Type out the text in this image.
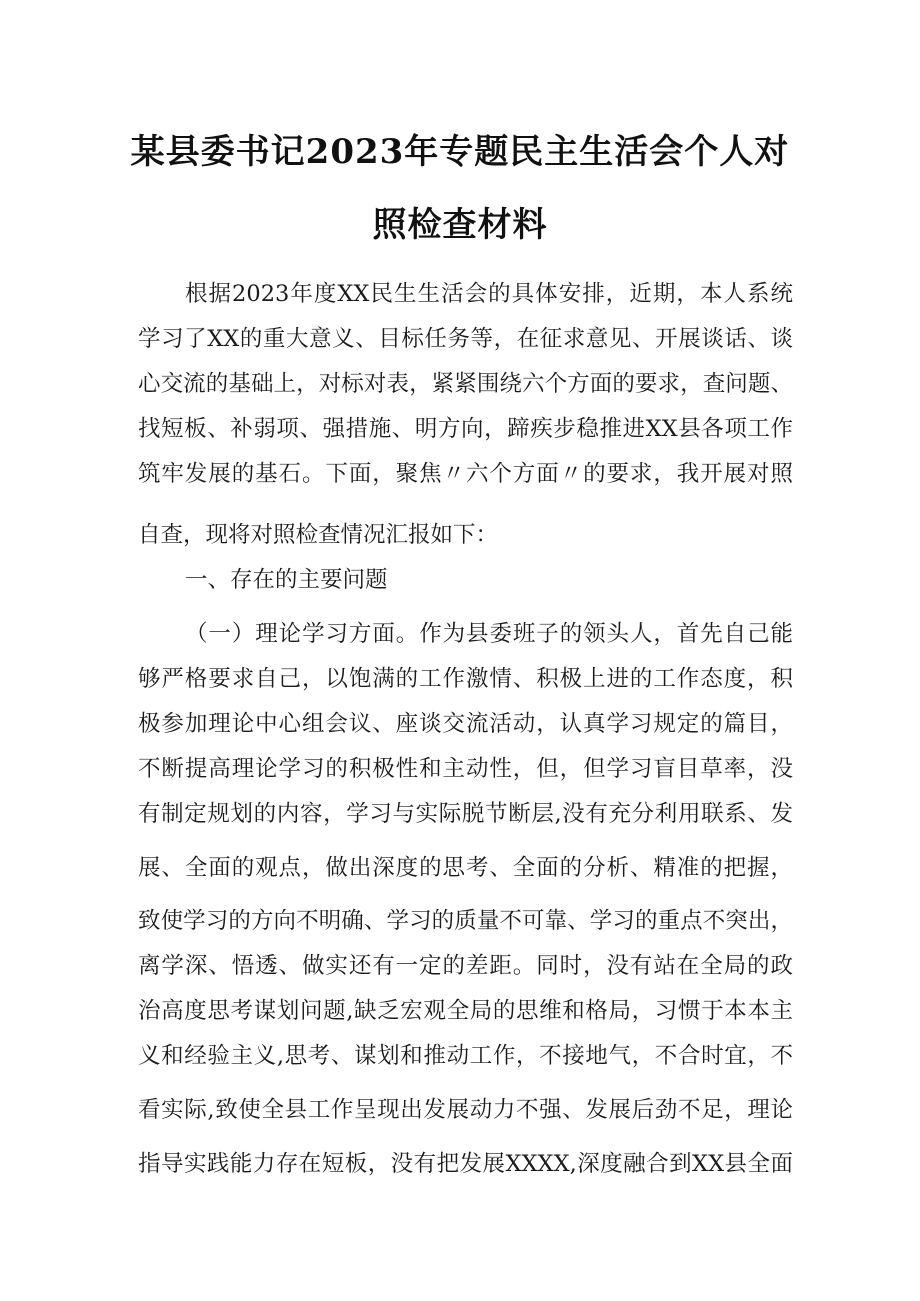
某县委书记2023年专题民主生活会个人对
照检查材料
根据2023年度XX民生生活会的具体安排，近期，本人系统
学习了XX的重大意义、目标任务等，在征求意见、开展谈话、谈
心交流的基础上，对标对表，紧紧围绕六个方面的要求，查问题、
找短板、补弱项、强措施、明方向，蹄疾步稳推进XX县各项工作
筑牢发展的基石。下面，聚焦〃六个方面〃的要求，我开展对照
自查，现将对照检查情况汇报如下：
一、存在的主要问题
（一）理论学习方面。作为县委班子的领头人，首先自己能
够严格要求自己，以饱满的工作激情、积极上进的工作态度，积
极参加理论中心组会议、座谈交流活动，认真学习规定的篇目，
不断提高理论学习的积极性和主动性，但，但学习盲目草率，没
有制定规划的内容，学习与实际脱节断层,没有充分利用联系、发
展、全面的观点，做出深度的思考、全面的分析、精准的把握，
致使学习的方向不明确、学习的质量不可靠、学习的重点不突出，
离学深、悟透、做实还有一定的差距。同时，没有站在全局的政
治高度思考谋划问题,缺乏宏观全局的思维和格局，习惯于本本主
义和经验主义,思考、谋划和推动工作，不接地气，不合时宜，不
看实际,致使全县工作呈现出发展动力不强、发展后劲不足，理论
指导实践能力存在短板，没有把发展XXXX,深度融合到XX县全面
